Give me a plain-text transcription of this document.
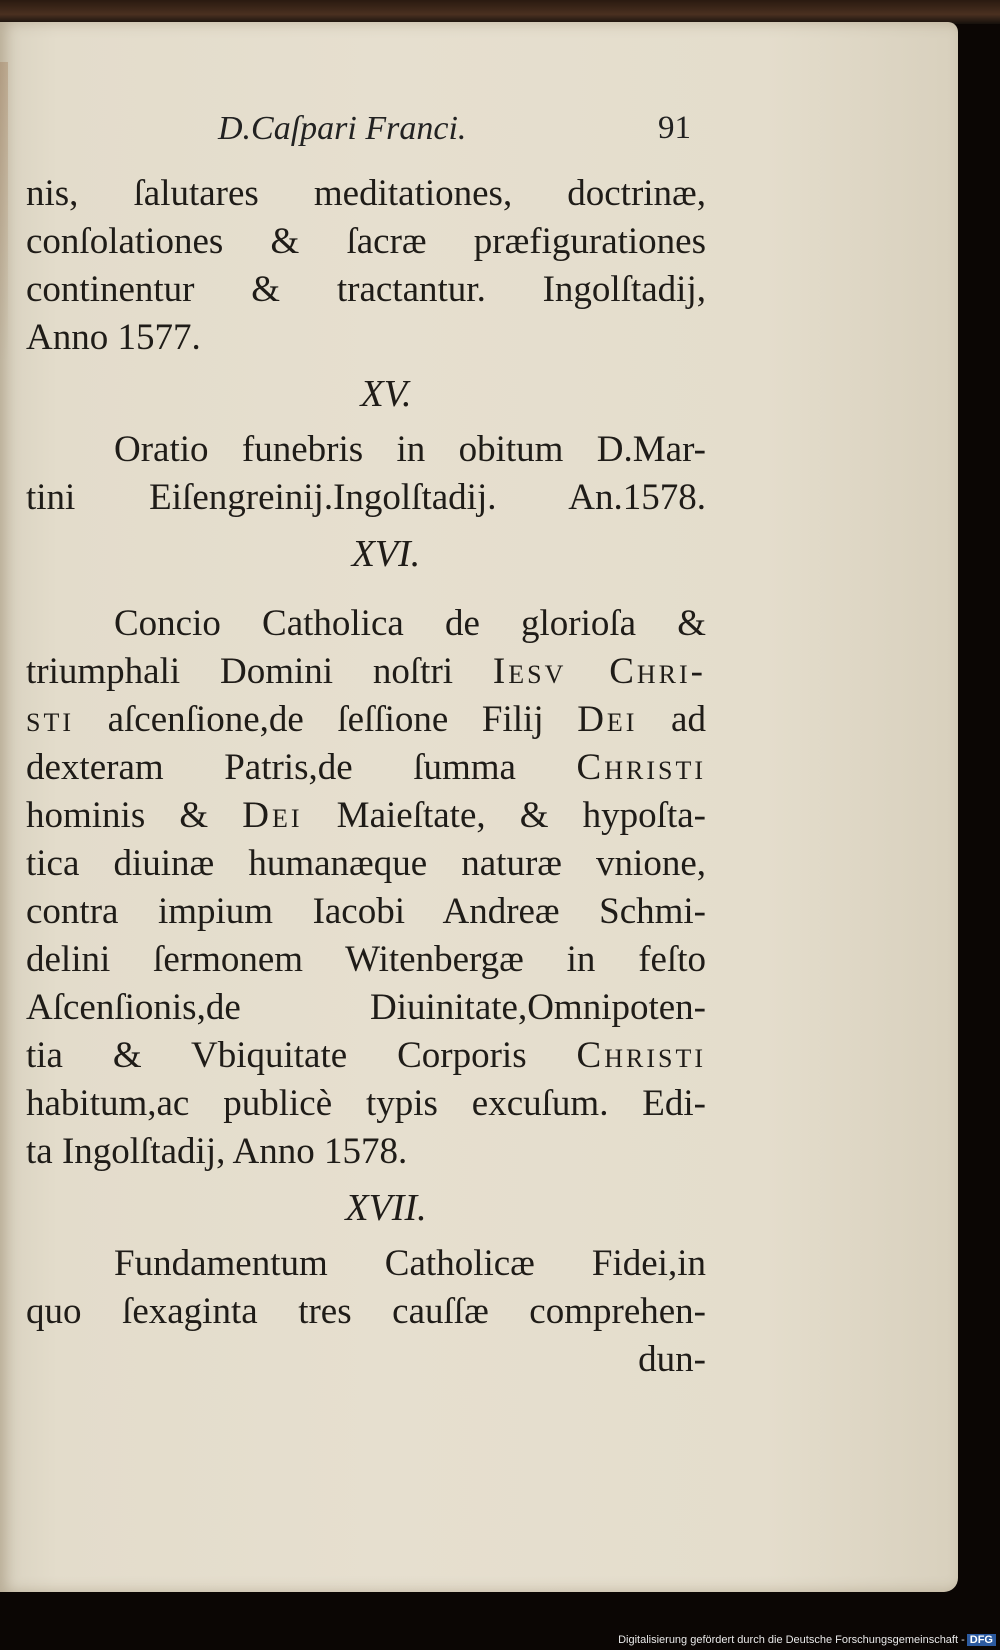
D.Caſpari Franci.	91
nis, ſalutares meditationes, doctrinæ,
conſolationes & ſacræ præfigurationes
continentur & tractantur. Ingolſtadij,
Anno 1577.
XV.
Oratio funebris in obitum D.Mar-
tini Eiſengreinij.Ingolſtadij. An.1578.
XVI.
Concio Catholica de glorioſa &
triumphali Domini noſtri Iesv Chri-
sti aſcenſione,de ſeſſione Filij Dei ad
dexteram Patris,de ſumma Christi
hominis & Dei Maieſtate, & hypoſta-
tica diuinæ humanæque naturæ vnione,
contra impium Iacobi Andreæ Schmi-
delini ſermonem Witenbergæ in feſto
Aſcenſionis,de Diuinitate,Omnipoten-
tia & Vbiquitate Corporis Christi
habitum,ac publicè typis excuſum. Edi-
ta Ingolſtadij, Anno 1578.
XVII.
Fundamentum Catholicæ Fidei,in
quo ſexaginta tres cauſſæ comprehen-
dun-
Digitalisierung gefördert durch die Deutsche Forschungsgemeinschaft - DFG
